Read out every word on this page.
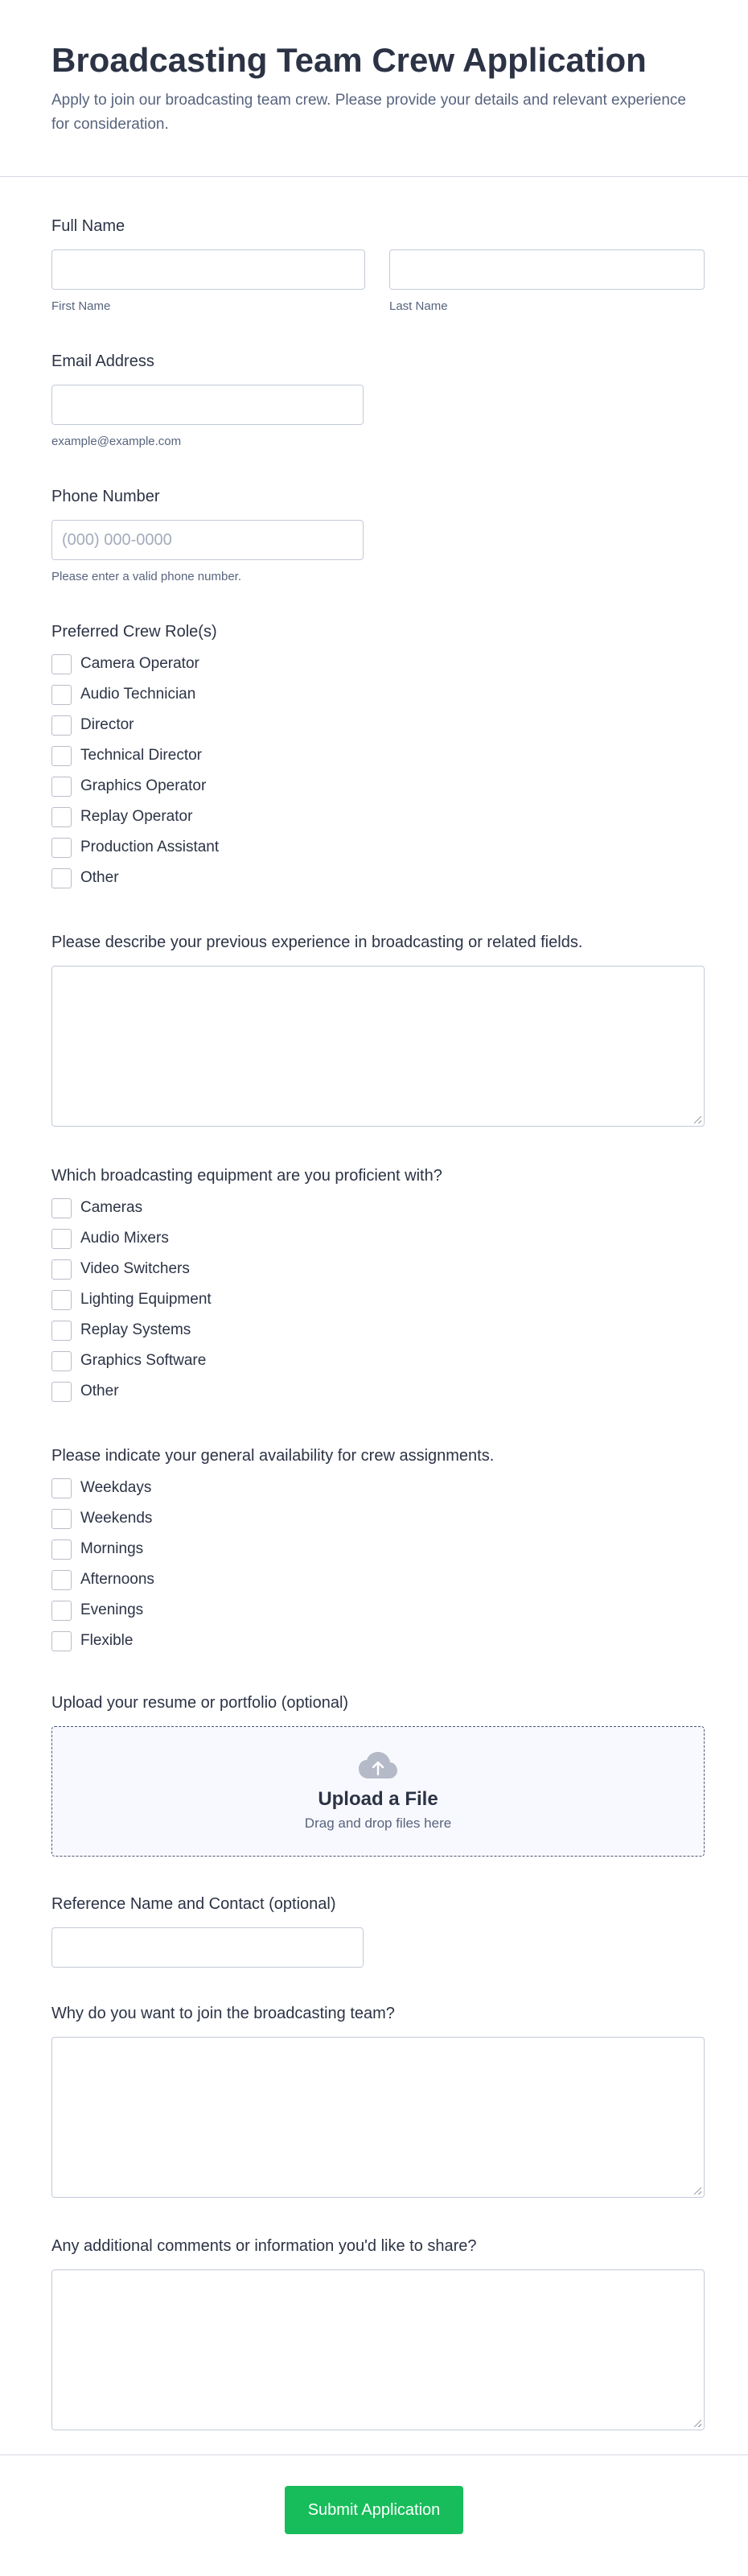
Broadcasting Team Crew Application

Apply to join our broadcasting team crew. Please provide your details and relevant experience for consideration.

Full Name
First Name	Last Name
Email Address
example@example.com
Phone Number
(000) 000-0000
Please enter a valid phone number.
Preferred Crew Role(s)
Camera Operator
Audio Technician
Director
Technical Director
Graphics Operator
Replay Operator
Production Assistant
Other
Please describe your previous experience in broadcasting or related fields.
Which broadcasting equipment are you proficient with?
Cameras
Audio Mixers
Video Switchers
Lighting Equipment
Replay Systems
Graphics Software
Other
Please indicate your general availability for crew assignments.
Weekdays
Weekends
Mornings
Afternoons
Evenings
Flexible
Upload your resume or portfolio (optional)
Upload a File
Drag and drop files here
Reference Name and Contact (optional)
Why do you want to join the broadcasting team?
Any additional comments or information you'd like to share?
Submit Application
